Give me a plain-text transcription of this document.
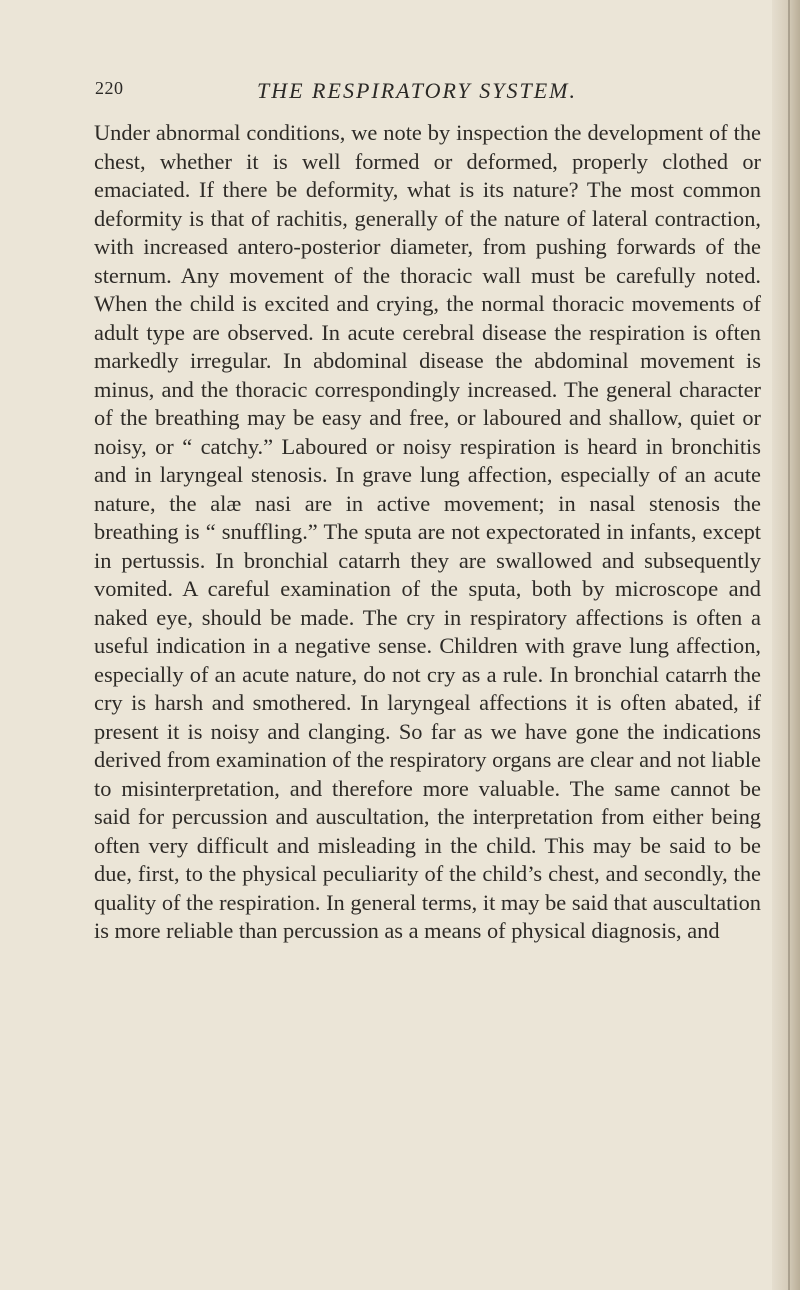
220	THE RESPIRATORY SYSTEM.

Under abnormal conditions, we note by inspection the development of the chest, whether it is well formed or deformed, properly clothed or emaciated. If there be deformity, what is its nature? The most common deformity is that of rachitis, generally of the nature of lateral contraction, with increased antero-posterior diameter, from pushing forwards of the sternum. Any movement of the thoracic wall must be carefully noted. When the child is excited and crying, the normal thoracic movements of adult type are observed. In acute cerebral disease the respiration is often markedly irregular. In abdominal disease the abdominal movement is minus, and the thoracic correspondingly increased. The general character of the breathing may be easy and free, or laboured and shallow, quiet or noisy, or “ catchy.” Laboured or noisy respiration is heard in bronchitis and in laryngeal stenosis. In grave lung affection, especially of an acute nature, the alæ nasi are in active movement; in nasal stenosis the breathing is “ snuffling.” The sputa are not expectorated in infants, except in pertussis. In bronchial catarrh they are swallowed and subsequently vomited. A careful examination of the sputa, both by microscope and naked eye, should be made. The cry in respiratory affections is often a useful indication in a negative sense. Children with grave lung affection, especially of an acute nature, do not cry as a rule. In bronchial catarrh the cry is harsh and smothered. In laryngeal affections it is often abated, if present it is noisy and clanging. So far as we have gone the indications derived from examination of the respiratory organs are clear and not liable to misinterpretation, and therefore more valuable. The same cannot be said for percussion and auscultation, the interpretation from either being often very difficult and misleading in the child. This may be said to be due, first, to the physical peculiarity of the child’s chest, and secondly, the quality of the respiration. In general terms, it may be said that auscultation is more reliable than percussion as a means of physical diagnosis, and
